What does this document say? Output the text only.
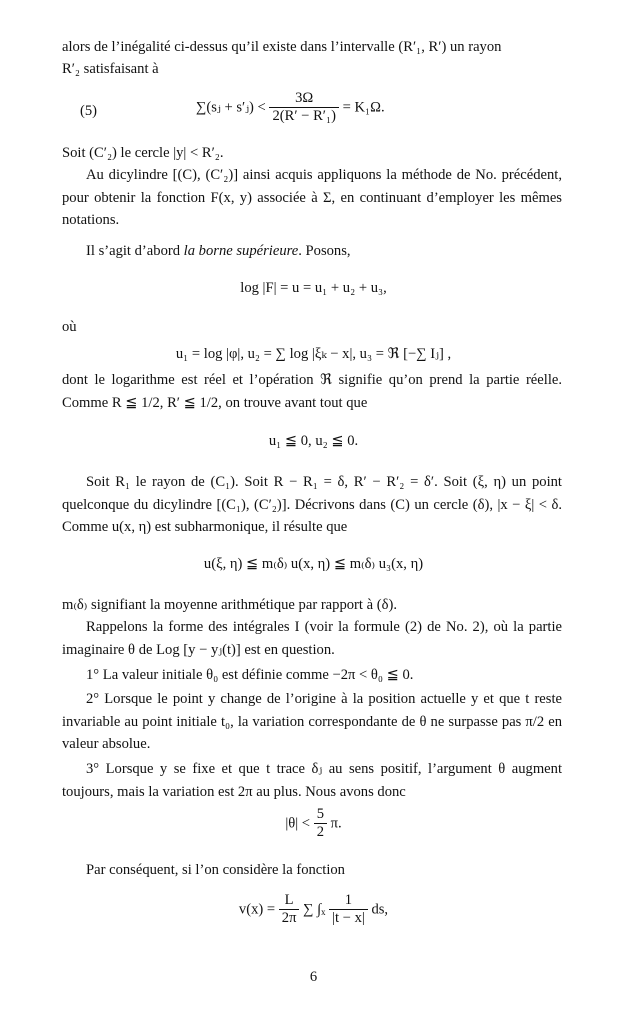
alors de l’inégalité ci-dessus qu’il existe dans l’intervalle (R′₁, R′) un rayon

R′₂ satisfaisant à

(5)	∑(sⱼ + s′ⱼ) < $\frac{3\Omega}{\text{2(R′ − R′₁)}} = K_1\Omega$.

Soit (C′₂) le cercle |y| < R′₂.

Au dicylindre [(C), (C′₂)] ainsi acquis appliquons la méthode de No. précédent, pour obtenir la fonction F(x, y) associée à Σ, en continuant d’employer les mêmes notations.

Il s’agit d’abord la borne supérieure. Posons,

log |F| = u = u₁ + u₂ + u₃,

où

u₁ = log |φ|, u₂ = ∑ log |ξₖ − x|, u₃ = ℜ [−∑ Iⱼ] ,

dont le logarithme est réel et l’opération ℜ signifie qu’on prend la partie réelle. Comme R ≦ 1/2, R′ ≦ 1/2, on trouve avant tout que

u₁ ≦ 0, u₂ ≦ 0.

Soit R₁ le rayon de (C₁). Soit R − R₁ = δ, R′ − R′₂ = δ′. Soit (ξ, η) un point quelconque du dicylindre [(C₁), (C′₂)]. Décrivons dans (C) un cercle (δ), |x − ξ| < δ. Comme u(x, η) est subharmonique, il résulte que

u(ξ, η) ≦ m₍δ₎ u(x, η) ≦ m₍δ₎ u₃(x, η)

m₍δ₎ signifiant la moyenne arithmétique par rapport à (δ).

Rappelons la forme des intégrales I (voir la formule (2) de No. 2), où la partie imaginaire θ de Log [y − yⱼ(t)] est en question.

1° La valeur initiale θ₀ est définie comme −2π < θ₀ ≦ 0.

2° Lorsque le point y change de l’origine à la position actuelle y et que t reste invariable au point initiale t₀, la variation correspondante de θ ne surpasse pas π/2 en valeur absolue.

3° Lorsque y se fixe et que t trace δⱼ au sens positif, l’argument θ augment toujours, mais la variation est 2π au plus. Nous avons donc

$|\theta| < \frac{5}{2} \pi$.

Par conséquent, si l’on considère la fonction

$v(x) = \frac{L}{2\pi}$ ∑ $\int_x \frac{1}{|t - x|}$ ds,
6
